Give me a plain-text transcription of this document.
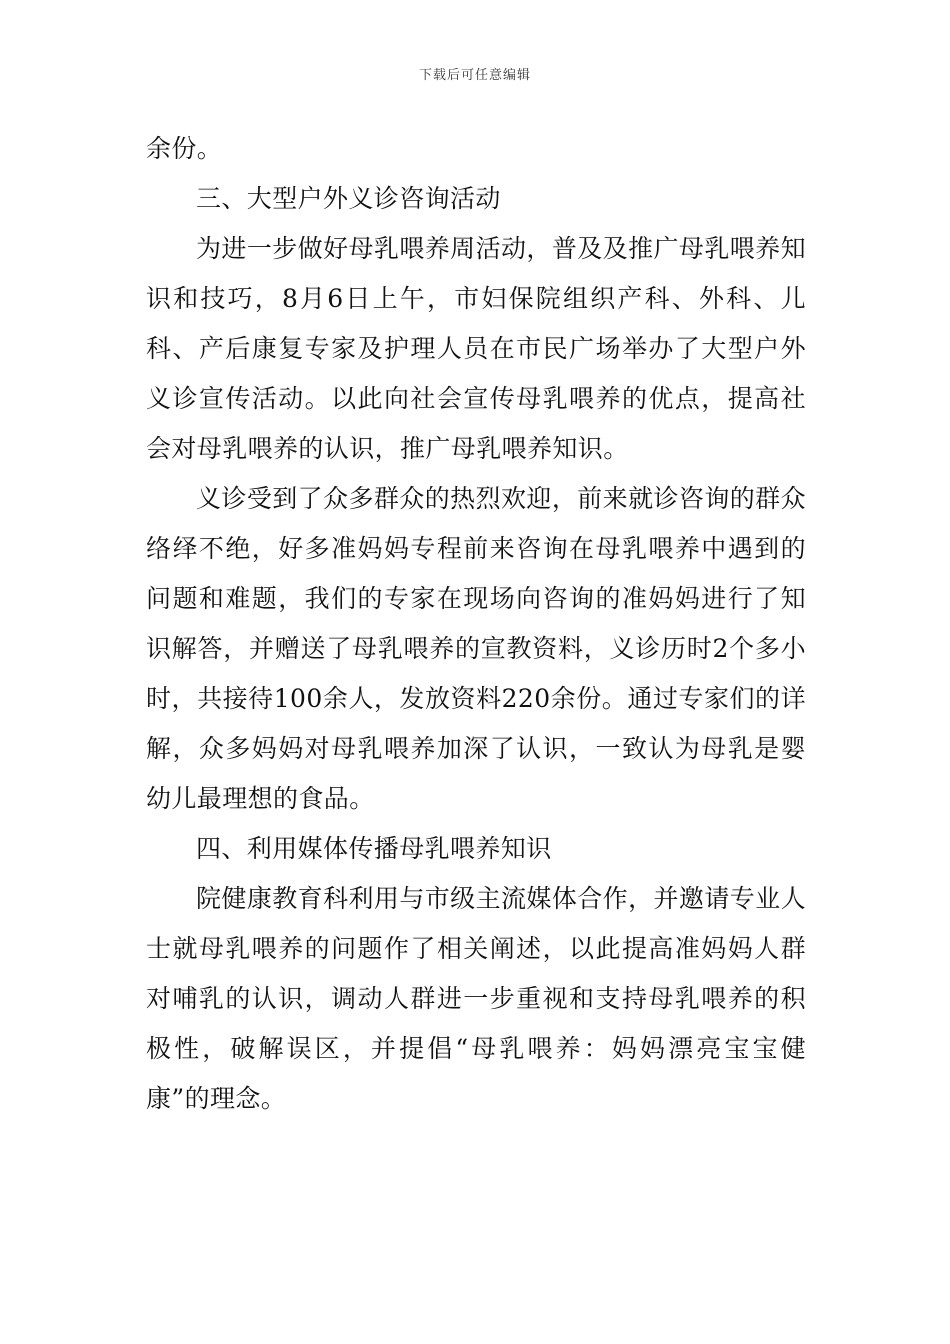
下载后可任意编辑

余份。

三、大型户外义诊咨询活动

为进一步做好母乳喂养周活动，普及及推广母乳喂养知识和技巧，8月6日上午，市妇保院组织产科、外科、儿科、产后康复专家及护理人员在市民广场举办了大型户外义诊宣传活动。以此向社会宣传母乳喂养的优点，提高社会对母乳喂养的认识，推广母乳喂养知识。

义诊受到了众多群众的热烈欢迎，前来就诊咨询的群众络绎不绝，好多准妈妈专程前来咨询在母乳喂养中遇到的问题和难题，我们的专家在现场向咨询的准妈妈进行了知识解答，并赠送了母乳喂养的宣教资料，义诊历时2个多小时，共接待100余人，发放资料220余份。通过专家们的详解，众多妈妈对母乳喂养加深了认识，一致认为母乳是婴幼儿最理想的食品。

四、利用媒体传播母乳喂养知识

院健康教育科利用与市级主流媒体合作，并邀请专业人士就母乳喂养的问题作了相关阐述，以此提高准妈妈人群对哺乳的认识，调动人群进一步重视和支持母乳喂养的积极性，破解误区，并提倡“母乳喂养：妈妈漂亮宝宝健康”的理念。
